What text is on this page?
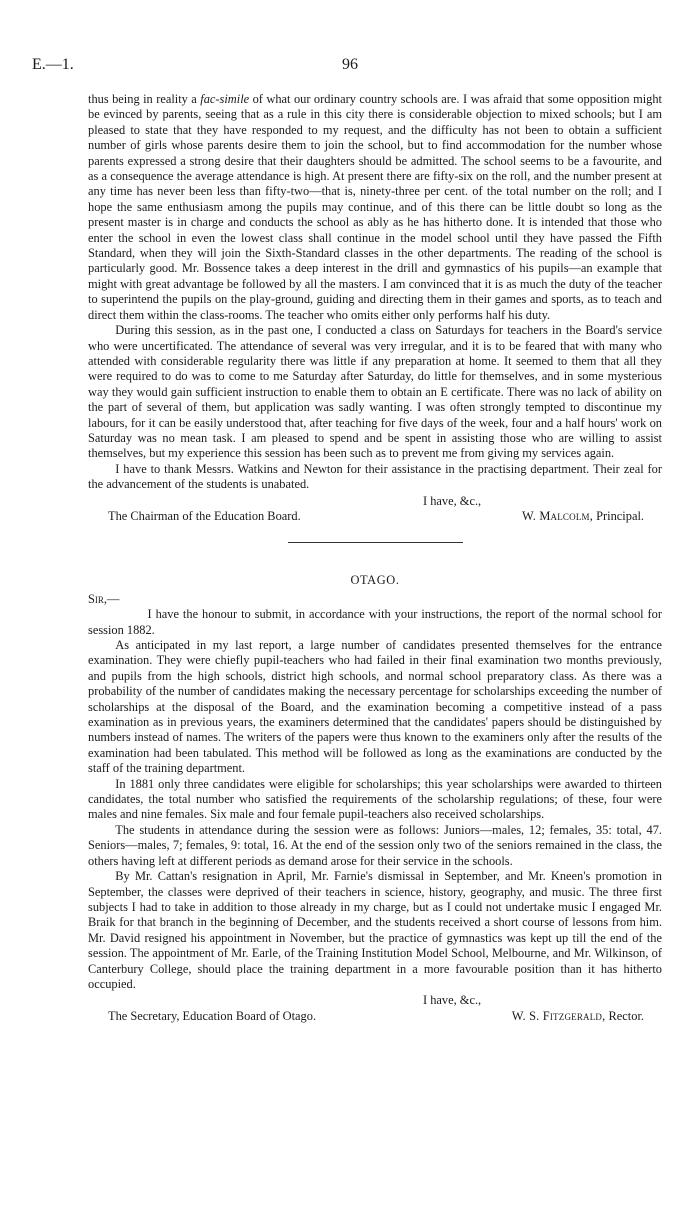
E.—1.	96

thus being in reality a fac-simile of what our ordinary country schools are. I was afraid that some opposition might be evinced by parents, seeing that as a rule in this city there is considerable objection to mixed schools; but I am pleased to state that they have responded to my request, and the difficulty has not been to obtain a sufficient number of girls whose parents desire them to join the school, but to find accommodation for the number whose parents expressed a strong desire that their daughters should be admitted. The school seems to be a favourite, and as a consequence the average attendance is high. At present there are fifty-six on the roll, and the number present at any time has never been less than fifty-two—that is, ninety-three per cent. of the total number on the roll; and I hope the same enthusiasm among the pupils may continue, and of this there can be little doubt so long as the present master is in charge and conducts the school as ably as he has hitherto done. It is intended that those who enter the school in even the lowest class shall continue in the model school until they have passed the Fifth Standard, when they will join the Sixth-Standard classes in the other departments. The reading of the school is particularly good. Mr. Bossence takes a deep interest in the drill and gymnastics of his pupils—an example that might with great advantage be followed by all the masters. I am convinced that it is as much the duty of the teacher to superintend the pupils on the play-ground, guiding and directing them in their games and sports, as to teach and direct them within the class-rooms. The teacher who omits either only performs half his duty.

During this session, as in the past one, I conducted a class on Saturdays for teachers in the Board's service who were uncertificated. The attendance of several was very irregular, and it is to be feared that with many who attended with considerable regularity there was little if any preparation at home. It seemed to them that all they were required to do was to come to me Saturday after Saturday, do little for themselves, and in some mysterious way they would gain sufficient instruction to enable them to obtain an E certificate. There was no lack of ability on the part of several of them, but application was sadly wanting. I was often strongly tempted to discontinue my labours, for it can be easily understood that, after teaching for five days of the week, four and a half hours' work on Saturday was no mean task. I am pleased to spend and be spent in assisting those who are willing to assist themselves, but my experience this session has been such as to prevent me from giving my services again.

I have to thank Messrs. Watkins and Newton for their assistance in the practising department. Their zeal for the advancement of the students is unabated.

I have, &c.,

The Chairman of the Education Board.	W. Malcolm, Principal.
OTAGO.

Sir,—

I have the honour to submit, in accordance with your instructions, the report of the normal school for session 1882.

As anticipated in my last report, a large number of candidates presented themselves for the entrance examination. They were chiefly pupil-teachers who had failed in their final examination two months previously, and pupils from the high schools, district high schools, and normal school preparatory class. As there was a probability of the number of candidates making the necessary percentage for scholarships exceeding the number of scholarships at the disposal of the Board, and the examination becoming a competitive instead of a pass examination as in previous years, the examiners determined that the candidates' papers should be distinguished by numbers instead of names. The writers of the papers were thus known to the examiners only after the results of the examination had been tabulated. This method will be followed as long as the examinations are conducted by the staff of the training department.

In 1881 only three candidates were eligible for scholarships; this year scholarships were awarded to thirteen candidates, the total number who satisfied the requirements of the scholarship regulations; of these, four were males and nine females. Six male and four female pupil-teachers also received scholarships.

The students in attendance during the session were as follows: Juniors—males, 12; females, 35: total, 47. Seniors—males, 7; females, 9: total, 16. At the end of the session only two of the seniors remained in the class, the others having left at different periods as demand arose for their service in the schools.

By Mr. Cattan's resignation in April, Mr. Farnie's dismissal in September, and Mr. Kneen's promotion in September, the classes were deprived of their teachers in science, history, geography, and music. The three first subjects I had to take in addition to those already in my charge, but as I could not undertake music I engaged Mr. Braik for that branch in the beginning of December, and the students received a short course of lessons from him. Mr. David resigned his appointment in November, but the practice of gymnastics was kept up till the end of the session. The appointment of Mr. Earle, of the Training Institution Model School, Melbourne, and Mr. Wilkinson, of Canterbury College, should place the training department in a more favourable position than it has hitherto occupied.

I have, &c.,

The Secretary, Education Board of Otago.	W. S. Fitzgerald, Rector.
